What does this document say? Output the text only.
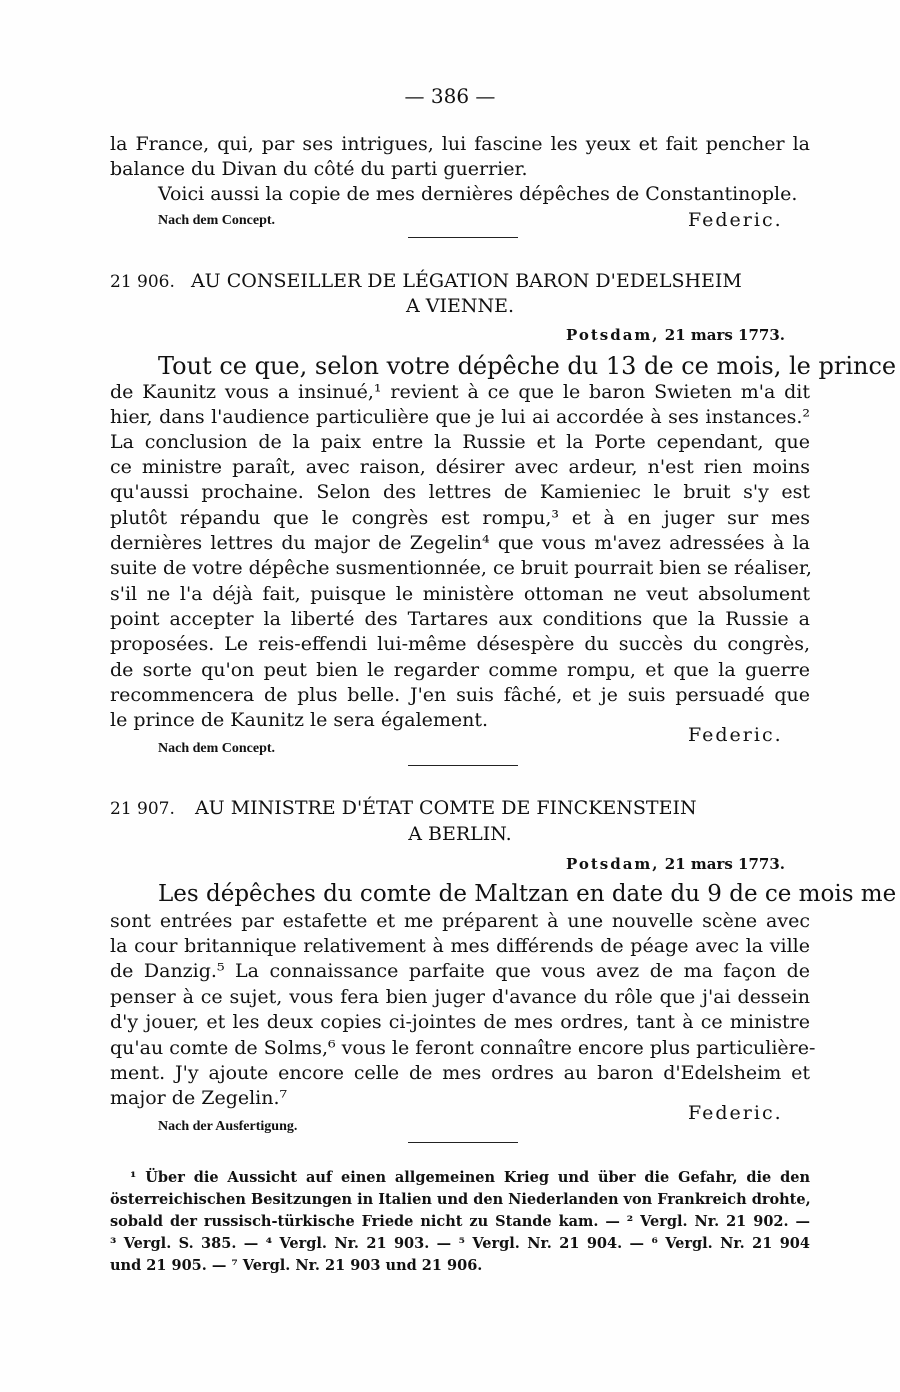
— 386 —
la France, qui, par ses intrigues, lui fascine les yeux et fait pencher la
balance du Divan du côté du parti guerrier.
Voici aussi la copie de mes dernières dépêches de Constantinople.
Nach dem Concept.	Federic.
21 906. AU CONSEILLER DE LÉGATION BARON D'EDELSHEIM
A VIENNE.
Potsdam, 21 mars 1773.
Tout ce que, selon votre dépêche du 13 de ce mois, le prince
de Kaunitz vous a insinué,¹ revient à ce que le baron Swieten m'a dit
hier, dans l'audience particulière que je lui ai accordée à ses instances.²
La conclusion de la paix entre la Russie et la Porte cependant, que
ce ministre paraît, avec raison, désirer avec ardeur, n'est rien moins
qu'aussi prochaine. Selon des lettres de Kamieniec le bruit s'y est
plutôt répandu que le congrès est rompu,³ et à en juger sur mes
dernières lettres du major de Zegelin⁴ que vous m'avez adressées à la
suite de votre dépêche susmentionnée, ce bruit pourrait bien se réaliser,
s'il ne l'a déjà fait, puisque le ministère ottoman ne veut absolument
point accepter la liberté des Tartares aux conditions que la Russie a
proposées. Le reis-effendi lui-même désespère du succès du congrès,
de sorte qu'on peut bien le regarder comme rompu, et que la guerre
recommencera de plus belle. J'en suis fâché, et je suis persuadé que
le prince de Kaunitz le sera également.
Federic.
Nach dem Concept.
21 907. AU MINISTRE D'ÉTAT COMTE DE FINCKENSTEIN
A BERLIN.
Potsdam, 21 mars 1773.
Les dépêches du comte de Maltzan en date du 9 de ce mois me
sont entrées par estafette et me préparent à une nouvelle scène avec
la cour britannique relativement à mes différends de péage avec la ville
de Danzig.⁵ La connaissance parfaite que vous avez de ma façon de
penser à ce sujet, vous fera bien juger d'avance du rôle que j'ai dessein
d'y jouer, et les deux copies ci-jointes de mes ordres, tant à ce ministre
qu'au comte de Solms,⁶ vous le feront connaître encore plus particulière-
ment. J'y ajoute encore celle de mes ordres au baron d'Edelsheim et
major de Zegelin.⁷
Federic.
Nach der Ausfertigung.
¹ Über die Aussicht auf einen allgemeinen Krieg und über die Gefahr, die den
österreichischen Besitzungen in Italien und den Niederlanden von Frankreich drohte,
sobald der russisch-türkische Friede nicht zu Stande kam. — ² Vergl. Nr. 21 902. —
³ Vergl. S. 385. — ⁴ Vergl. Nr. 21 903. — ⁵ Vergl. Nr. 21 904. — ⁶ Vergl. Nr. 21 904
und 21 905. — ⁷ Vergl. Nr. 21 903 und 21 906.
